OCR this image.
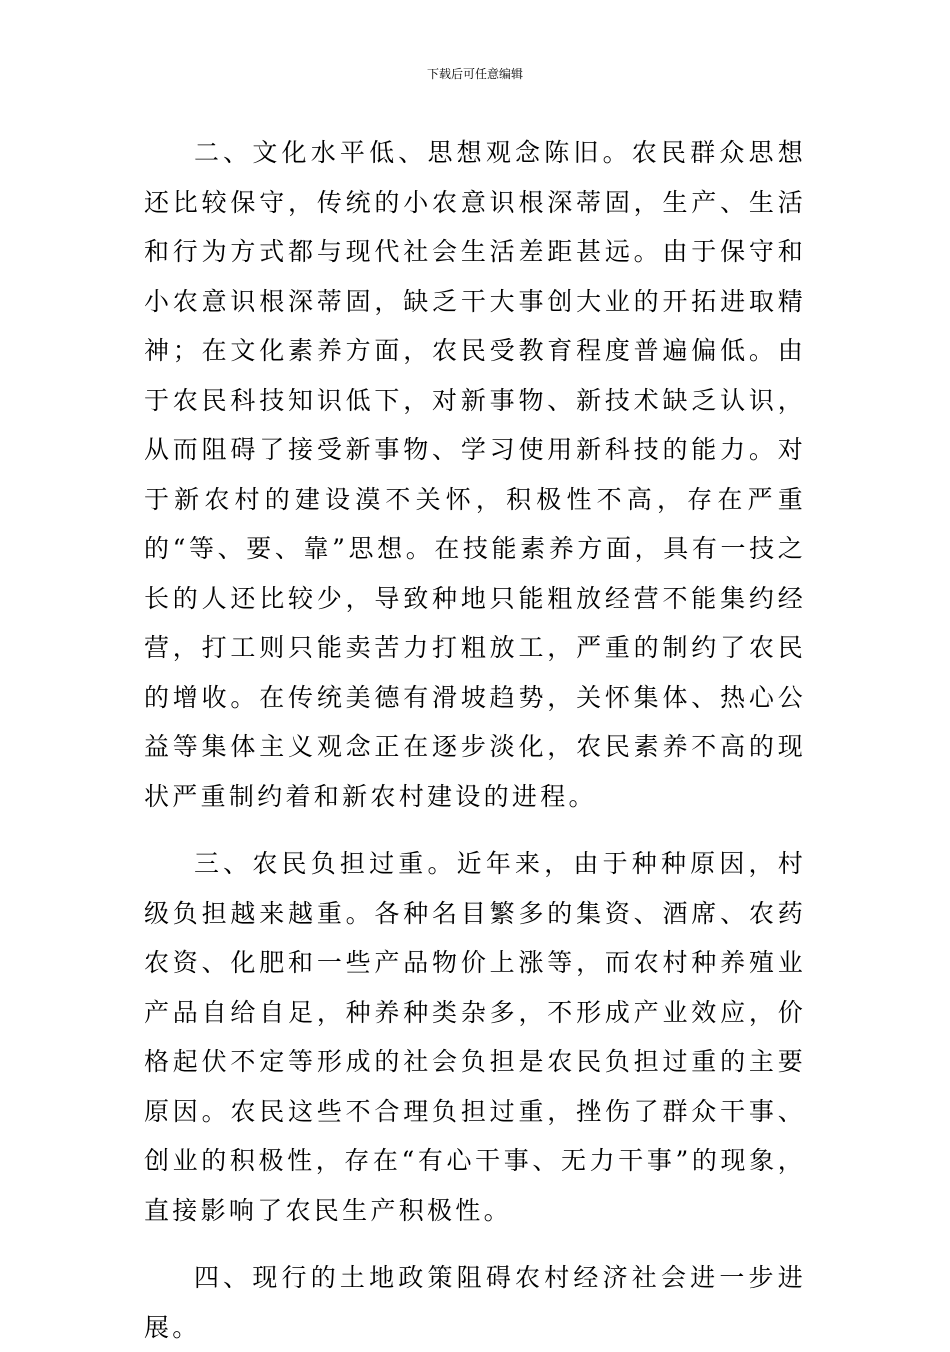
下载后可任意编辑

二、文化水平低、思想观念陈旧。农民群众思想还比较保守，传统的小农意识根深蒂固，生产、生活和行为方式都与现代社会生活差距甚远。由于保守和小农意识根深蒂固，缺乏干大事创大业的开拓进取精神；在文化素养方面，农民受教育程度普遍偏低。由于农民科技知识低下，对新事物、新技术缺乏认识，从而阻碍了接受新事物、学习使用新科技的能力。对于新农村的建设漠不关怀，积极性不高，存在严重的“等、要、靠”思想。在技能素养方面，具有一技之长的人还比较少，导致种地只能粗放经营不能集约经营，打工则只能卖苦力打粗放工，严重的制约了农民的增收。在传统美德有滑坡趋势，关怀集体、热心公益等集体主义观念正在逐步淡化，农民素养不高的现状严重制约着和新农村建设的进程。

三、农民负担过重。近年来，由于种种原因，村级负担越来越重。各种名目繁多的集资、酒席、农药农资、化肥和一些产品物价上涨等，而农村种养殖业产品自给自足，种养种类杂多，不形成产业效应，价格起伏不定等形成的社会负担是农民负担过重的主要原因。农民这些不合理负担过重，挫伤了群众干事、创业的积极性，存在“有心干事、无力干事”的现象，直接影响了农民生产积极性。

四、现行的土地政策阻碍农村经济社会进一步进展。
